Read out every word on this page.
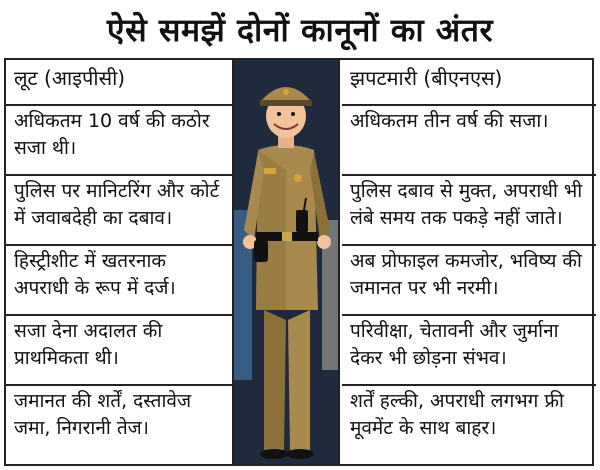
ऐसे समझें दोनों कानूनों का अंतर
लूट (आइपीसी)
अधिकतम 10 वर्ष की कठोर सजा थी।
पुलिस पर मानिटरिंग और कोर्ट में जवाबदेही का दबाव।
हिस्ट्रीशीट में खतरनाक अपराधी के रूप में दर्ज।
सजा देना अदालत की प्राथमिकता थी।
जमानत की शर्तें, दस्तावेज जमा, निगरानी तेज।
झपटमारी (बीएनएस)
अधिकतम तीन वर्ष की सजा।
पुलिस दबाव से मुक्त, अपराधी भी लंबे समय तक पकड़े नहीं जाते।
अब प्रोफाइल कमजोर, भविष्य की जमानत पर भी नरमी।
परिवीक्षा, चेतावनी और जुर्माना देकर भी छोड़ना संभव।
शर्तें हल्की, अपराधी लगभग फ्री मूवमेंट के साथ बाहर।
